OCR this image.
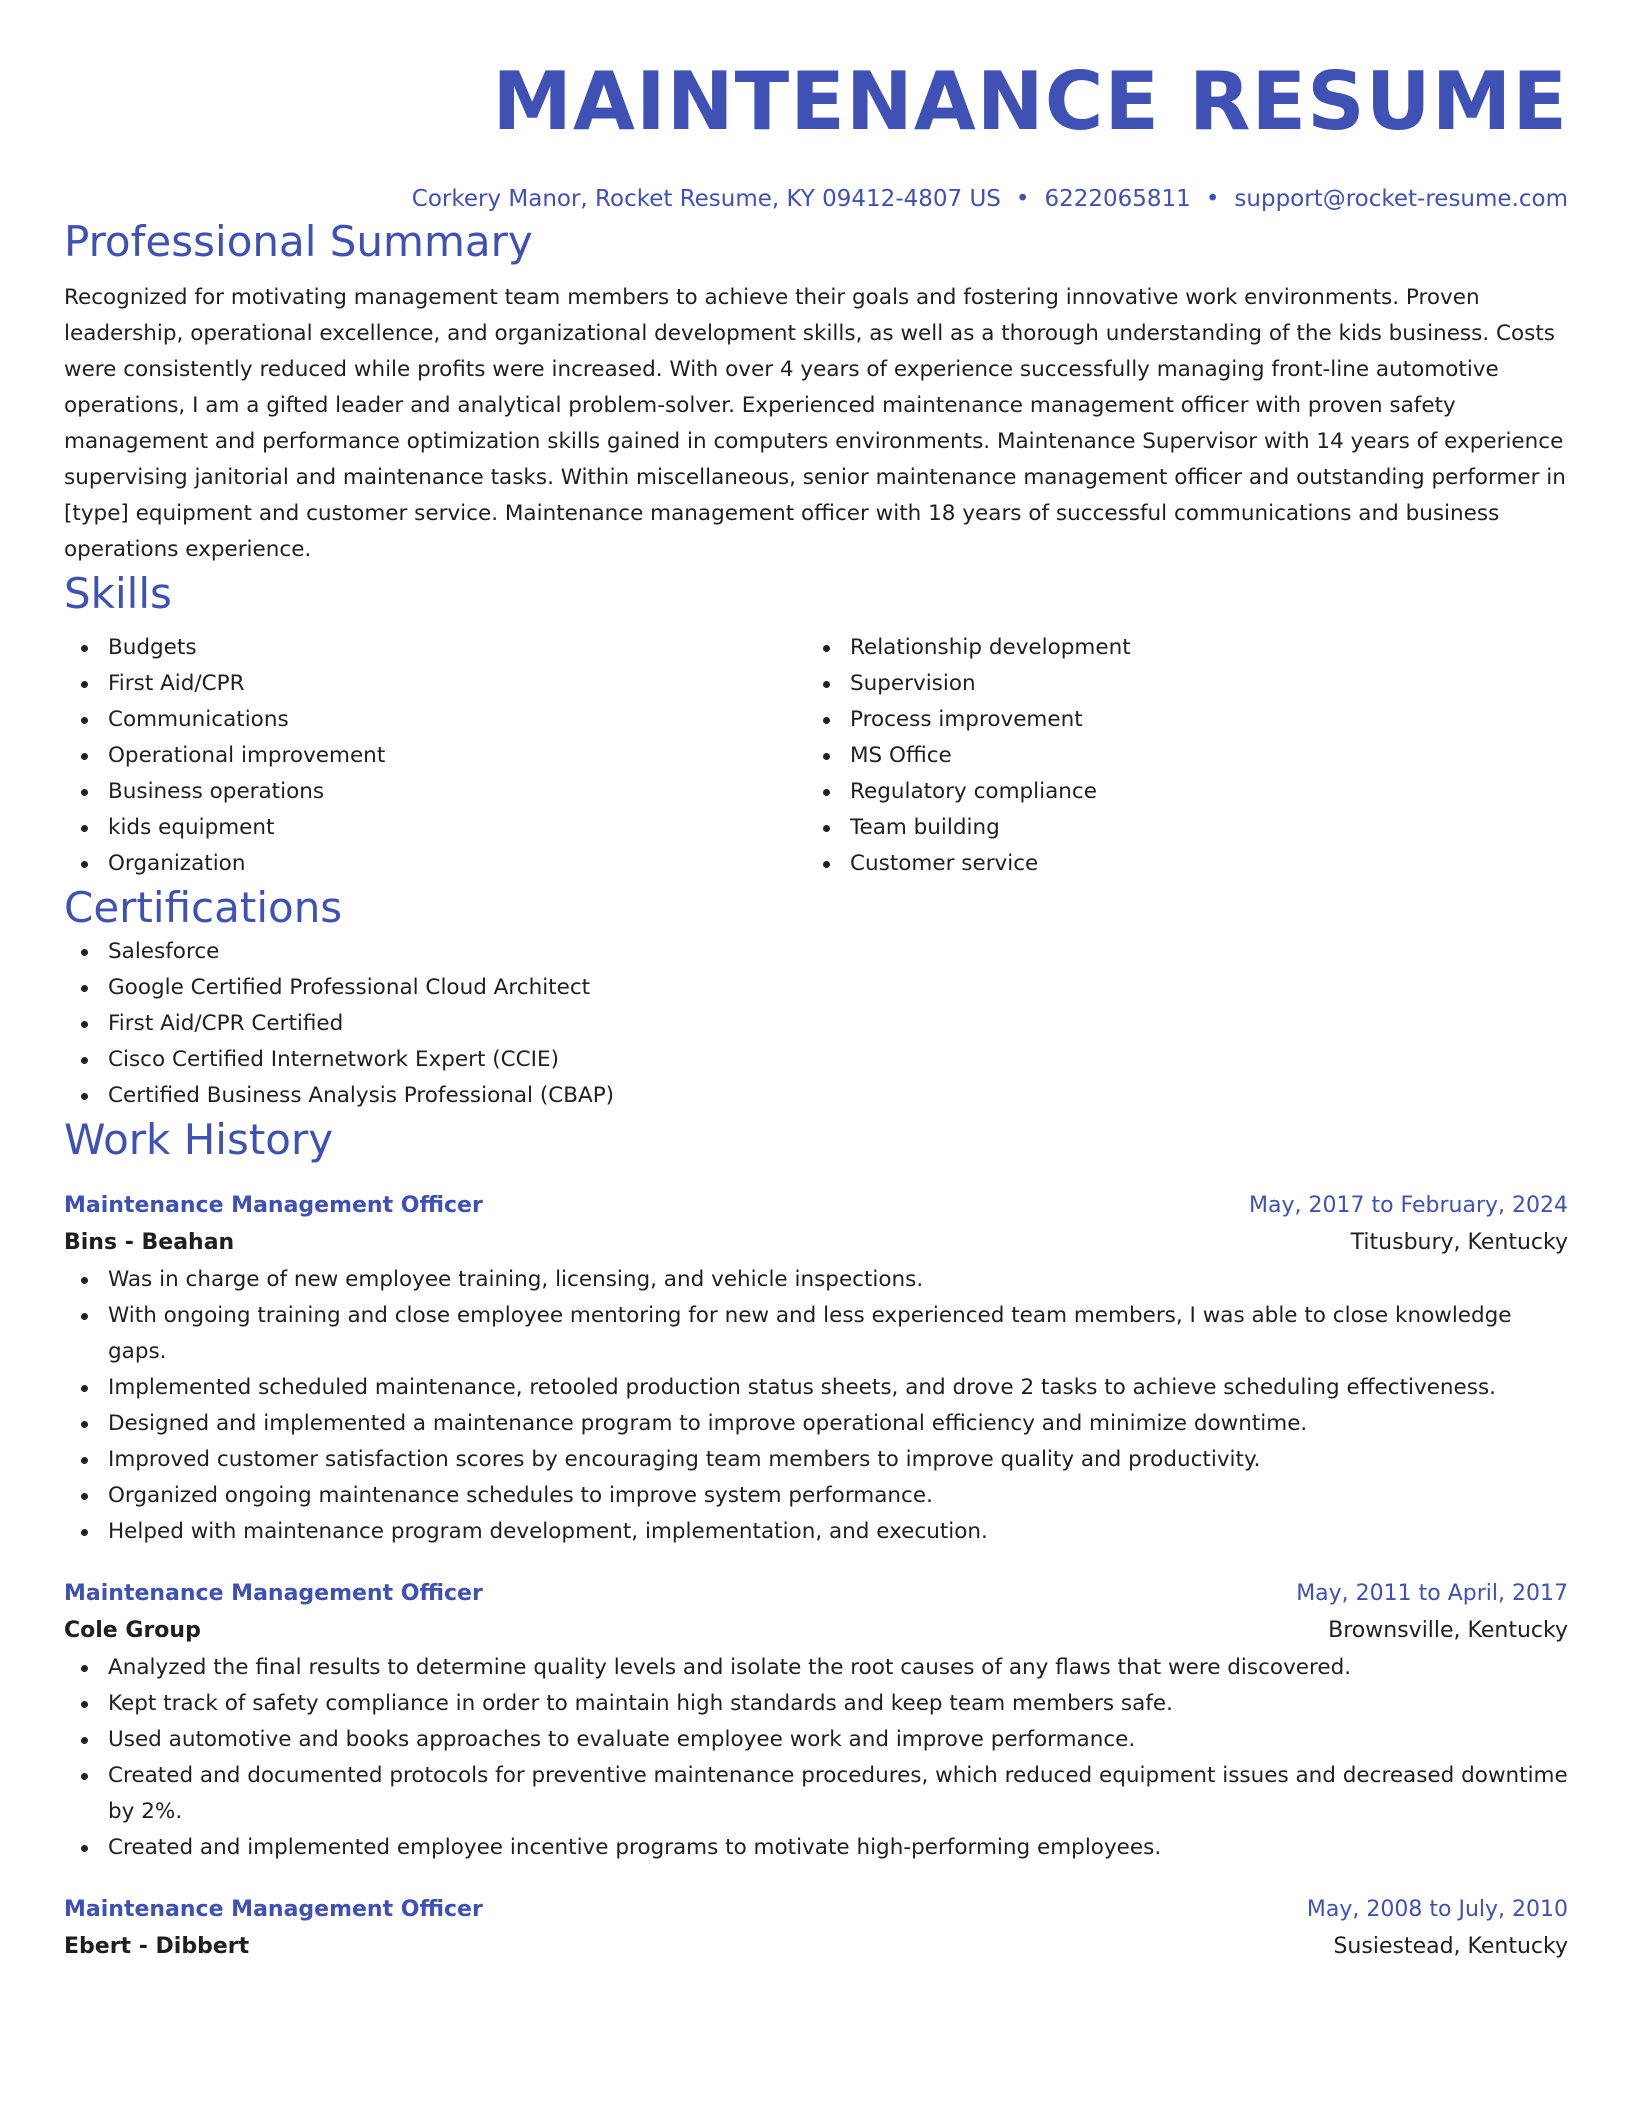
MAINTENANCE RESUME
Corkery Manor, Rocket Resume, KY 09412-4807 US • 6222065811 • support@rocket-resume.com
Professional Summary

Recognized for motivating management team members to achieve their goals and fostering innovative work environments. Proven leadership, operational excellence, and organizational development skills, as well as a thorough understanding of the kids business. Costs were consistently reduced while profits were increased. With over 4 years of experience successfully managing front-line automotive operations, I am a gifted leader and analytical problem-solver. Experienced maintenance management officer with proven safety management and performance optimization skills gained in computers environments. Maintenance Supervisor with 14 years of experience supervising janitorial and maintenance tasks. Within miscellaneous, senior maintenance management officer and outstanding performer in [type] equipment and customer service. Maintenance management officer with 18 years of successful communications and business operations experience.

Skills
Budgets
First Aid/CPR
Communications
Operational improvement
Business operations
kids equipment
Organization
Relationship development
Supervision
Process improvement
MS Office
Regulatory compliance
Team building
Customer service
Certifications
Salesforce
Google Certified Professional Cloud Architect
First Aid/CPR Certified
Cisco Certified Internetwork Expert (CCIE)
Certified Business Analysis Professional (CBAP)
Work History
Maintenance Management Officer	May, 2017 to February, 2024
Bins - Beahan	Titusbury, Kentucky
Was in charge of new employee training, licensing, and vehicle inspections.
With ongoing training and close employee mentoring for new and less experienced team members, I was able to close knowledge gaps.
Implemented scheduled maintenance, retooled production status sheets, and drove 2 tasks to achieve scheduling effectiveness.
Designed and implemented a maintenance program to improve operational efficiency and minimize downtime.
Improved customer satisfaction scores by encouraging team members to improve quality and productivity.
Organized ongoing maintenance schedules to improve system performance.
Helped with maintenance program development, implementation, and execution.
Maintenance Management Officer	May, 2011 to April, 2017
Cole Group	Brownsville, Kentucky
Analyzed the final results to determine quality levels and isolate the root causes of any flaws that were discovered.
Kept track of safety compliance in order to maintain high standards and keep team members safe.
Used automotive and books approaches to evaluate employee work and improve performance.
Created and documented protocols for preventive maintenance procedures, which reduced equipment issues and decreased downtime by 2%.
Created and implemented employee incentive programs to motivate high-performing employees.
Maintenance Management Officer	May, 2008 to July, 2010
Ebert - Dibbert	Susiestead, Kentucky
